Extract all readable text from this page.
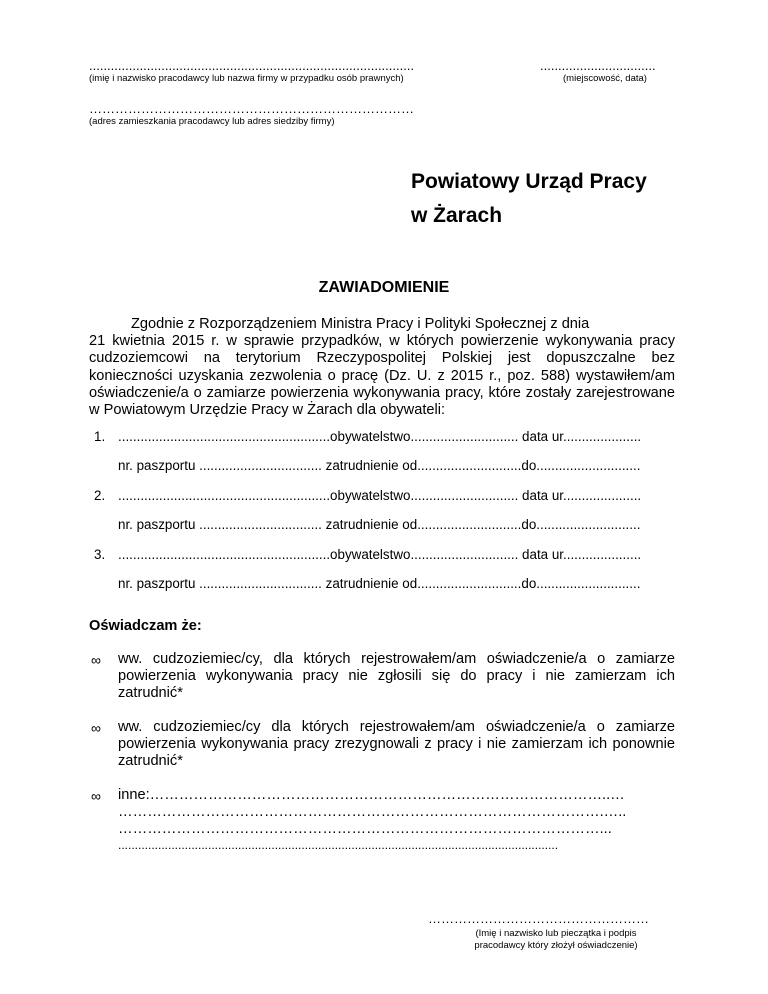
..........................................................................................
(imię i nazwisko pracodawcy lub nazwa firmy w przypadku osób prawnych)
................................
(miejscowość, data)
…………………………………………………………………
(adres zamieszkania pracodawcy lub adres siedziby firmy)
Powiatowy Urząd Pracy
w Żarach
ZAWIADOMIENIE
Zgodnie z Rozporządzeniem Ministra Pracy i Polityki Społecznej z dnia
21 kwietnia 2015 r. w sprawie przypadków, w których powierzenie wykonywania pracy cudzoziemcowi na terytorium Rzeczypospolitej Polskiej jest dopuszczalne bez konieczności uzyskania zezwolenia o pracę (Dz. U. z 2015 r., poz. 588) wystawiłem/am oświadczenie/a o zamiarze powierzenia wykonywania pracy, które zostały zarejestrowane w Powiatowym Urzędzie Pracy w Żarach dla obywateli:
1. .........................................................obywatelstwo............................. data ur.....................
nr. paszportu ................................. zatrudnienie od............................do............................
2. .........................................................obywatelstwo............................. data ur.....................
nr. paszportu ................................. zatrudnienie od............................do............................
3. .........................................................obywatelstwo............................. data ur.....................
nr. paszportu ................................. zatrudnienie od............................do............................
Oświadczam że:
∞ ww. cudzoziemiec/cy, dla których rejestrowałem/am oświadczenie/a o zamiarze powierzenia wykonywania pracy nie zgłosili się do pracy i nie zamierzam ich zatrudnić*
∞ ww. cudzoziemiec/cy dla których rejestrowałem/am oświadczenie/a o zamiarze powierzenia wykonywania pracy zrezygnowali z pracy i nie zamierzam ich ponownie zatrudnić*
∞ inne:…………………………………………………………………………………..…
……………………………………………………………………………………….…..
………………………………………………………………………………………...
....................................................................................................................................
……………………………………………
(Imię i nazwisko lub pieczątka i podpis
pracodawcy który złożył oświadczenie)
